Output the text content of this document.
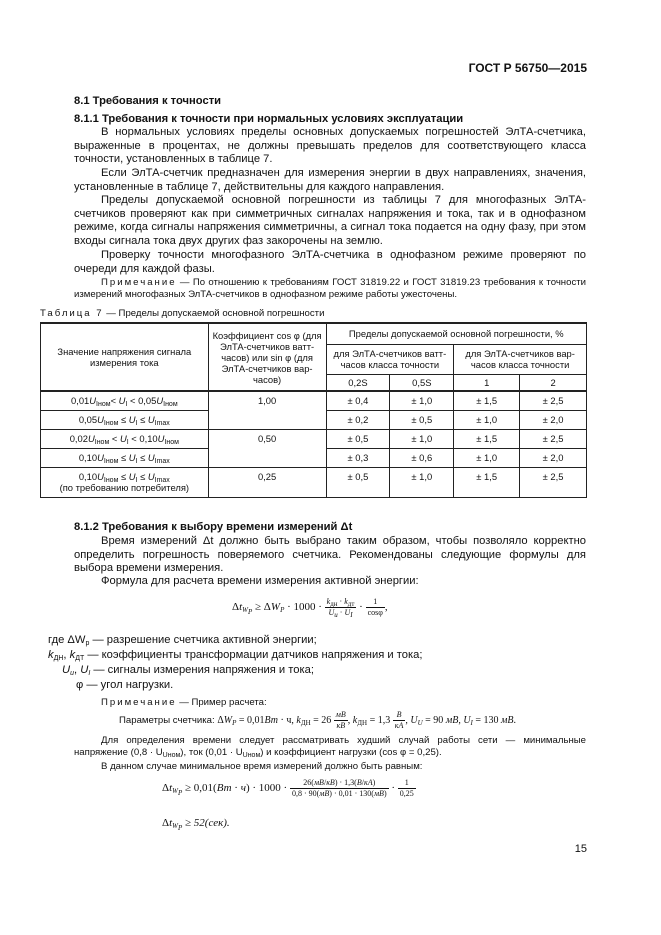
ГОСТ Р 56750—2015
8.1 Требования к точности
8.1.1 Требования к точности при нормальных условиях эксплуатации
В нормальных условиях пределы основных допускаемых погрешностей ЭлТА-счетчика, выраженные в процентах, не должны превышать пределов для соответствующего класса точности, установленных в таблице 7.
Если ЭлТА-счетчик предназначен для измерения энергии в двух направлениях, значения, установленные в таблице 7, действительны для каждого направления.
Пределы допускаемой основной погрешности из таблицы 7 для многофазных ЭлТА-счетчиков проверяют как при симметричных сигналах напряжения и тока, так и в однофазном режиме, когда сигналы напряжения симметричны, а сигнал тока подается на одну фазу, при этом входы сигнала тока двух других фаз закорочены на землю.
Проверку точности многофазного ЭлТА-счетчика в однофазном режиме проверяют по очереди для каждой фазы.
Примечание — По отношению к требованиям ГОСТ 31819.22 и ГОСТ 31819.23 требования к точности измерений многофазных ЭлТА-счетчиков в однофазном режиме работы ужесточены.
Таблица 7 — Пределы допускаемой основной погрешности
Значение напряжения сигнала измерения тока	Коэффициент cos φ (для ЭлТА-счетчиков ватт-часов) или sin φ (для ЭлТА-счетчиков вар-часов)	Пределы допускаемой основной погрешности, %			
		для ЭлТА-счетчиков ватт-часов класса точности		для ЭлТА-счетчиков вар-часов класса точности	
		0,2S	0,5S	1	2
$0,01U_{Iном}< U_I < 0,05U_{Iном}$	1,00	± 0,4	± 1,0	± 1,5	± 2,5
$0,05U_{Iном} \le U_I \le U_{Imax}$		± 0,2	± 0,5	± 1,0	± 2,0
$0,02U_{Iном} < U_I < 0,10U_{Iном}$	0,50	± 0,5	± 1,0	± 1,5	± 2,5
$0,10U_{Iном} \le U_I \le U_{Imax}$		± 0,3	± 0,6	± 1,0	± 2,0
$0,10U_{Iном} \le U_I \le U_{Imax}$
(по требованию потребителя)	0,25	± 0,5	± 1,0	± 1,5	± 2,5
8.1.2 Требования к выбору времени измерений Δt
Время измерений Δt должно быть выбрано таким образом, чтобы позволяло корректно определить погрешность поверяемого счетчика. Рекомендованы следующие формулы для выбора времени измерения.
Формула для расчета времени измерения активной энергии:
$\Delta t_{W_P} \ge \Delta W_P \cdot 1000 \cdot \frac{k_{дн} \cdot k_{дт}}{U_u \cdot U_I} \cdot \frac{1}{\cos\varphi}$ ,
где $\Delta W_p$ — разрешение счетчика активной энергии;
$k_{ДН}$, $k_{ДТ}$ — коэффициенты трансформации датчиков напряжения и тока;
$U_u$, $U_I$ — сигналы измерения напряжения и тока;
φ — угол нагрузки.
Примечание — Пример расчета:
Параметры счетчика: $\Delta W_P = 0,01Вт \cdot ч$, $k_{ДН} = 26 \frac{мВ}{кВ}$ , $k_{ДН} = 1,3 \frac{В}{кА}$ , $U_U = 90$ мВ, $U_I = 130$ мВ.
Для определения времени следует рассматривать худший случай работы сети — минимальные напряжение $(0,8 \cdot U_{Uном})$, ток $(0,01 \cdot U_{Uном})$ и коэффициент нагрузки (cos φ = 0,25).
В данном случае минимальное время измерений должно быть равным:
$\Delta t_{W_P} \ge 0,01(Вт \cdot ч) \cdot 1000 \cdot \frac{26(мВ/кВ) \cdot 1,3(В/кА)}{0,8 \cdot 90(мВ) \cdot 0,01 \cdot 130(мВ)} \cdot \frac{1}{0,25}$
$\Delta t_{W_P} \ge 52(сек)$.
15
